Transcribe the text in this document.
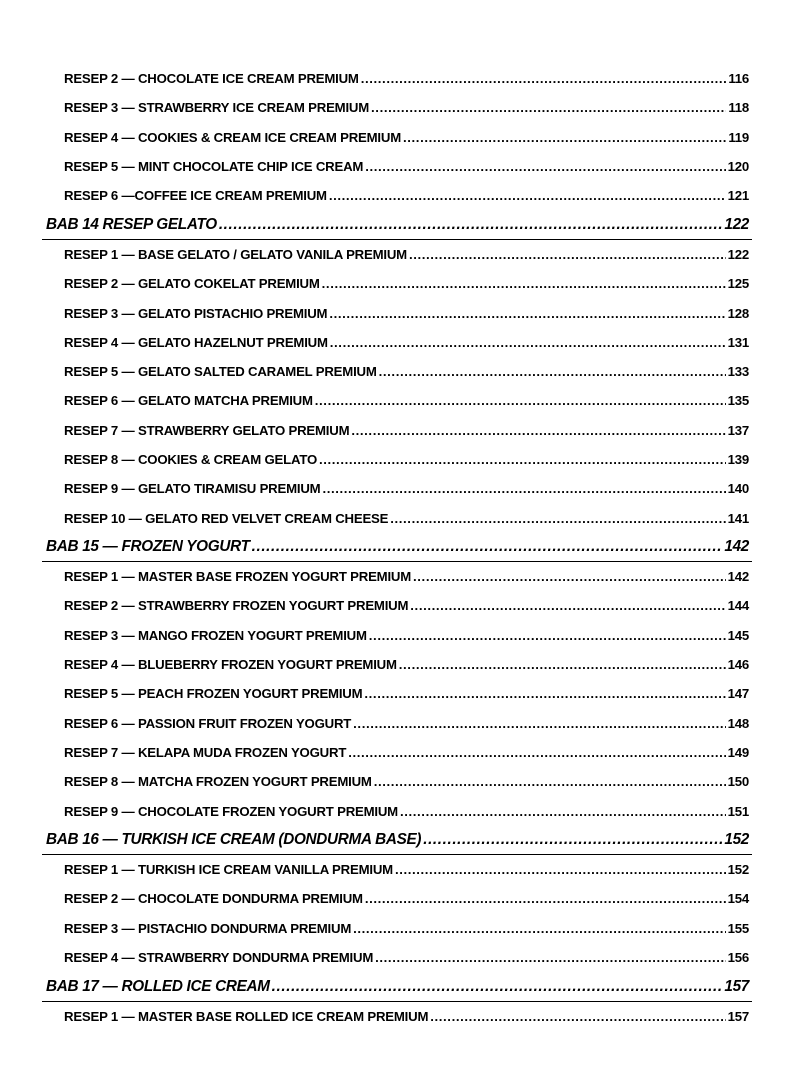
RESEP 2 — CHOCOLATE ICE CREAM PREMIUM .....	116
RESEP 3 — STRAWBERRY ICE CREAM PREMIUM .....	118
RESEP 4 — COOKIES & CREAM ICE CREAM PREMIUM .....	119
RESEP 5 — MINT CHOCOLATE CHIP ICE CREAM .....	120
RESEP 6 —COFFEE ICE CREAM PREMIUM .....	121
BAB 14 RESEP GELATO .....	122
RESEP 1 — BASE GELATO / GELATO VANILA PREMIUM .....	122
RESEP 2 — GELATO COKELAT PREMIUM .....	125
RESEP 3 — GELATO PISTACHIO PREMIUM .....	128
RESEP 4 — GELATO HAZELNUT PREMIUM .....	131
RESEP 5 — GELATO SALTED CARAMEL PREMIUM .....	133
RESEP 6 — GELATO MATCHA PREMIUM .....	135
RESEP 7 — STRAWBERRY GELATO PREMIUM .....	137
RESEP 8 — COOKIES & CREAM GELATO .....	139
RESEP 9 — GELATO TIRAMISU PREMIUM .....	140
RESEP 10 — GELATO RED VELVET CREAM CHEESE .....	141
BAB 15 — FROZEN YOGURT .....	142
RESEP 1 — MASTER BASE FROZEN YOGURT PREMIUM .....	142
RESEP 2 — STRAWBERRY FROZEN YOGURT PREMIUM .....	144
RESEP 3 — MANGO FROZEN YOGURT PREMIUM .....	145
RESEP 4 — BLUEBERRY FROZEN YOGURT PREMIUM .....	146
RESEP 5 — PEACH FROZEN YOGURT PREMIUM .....	147
RESEP 6 — PASSION FRUIT FROZEN YOGURT .....	148
RESEP 7 — KELAPA MUDA FROZEN YOGURT .....	149
RESEP 8 — MATCHA FROZEN YOGURT PREMIUM .....	150
RESEP 9 — CHOCOLATE FROZEN YOGURT PREMIUM .....	151
BAB 16 — TURKISH ICE CREAM (DONDURMA BASE) .....	152
RESEP 1 — TURKISH ICE CREAM VANILLA PREMIUM .....	152
RESEP 2 — CHOCOLATE DONDURMA PREMIUM .....	154
RESEP 3 — PISTACHIO DONDURMA PREMIUM .....	155
RESEP 4 — STRAWBERRY DONDURMA PREMIUM .....	156
BAB 17 — ROLLED ICE CREAM .....	157
RESEP 1 — MASTER BASE ROLLED ICE CREAM PREMIUM .....	157
